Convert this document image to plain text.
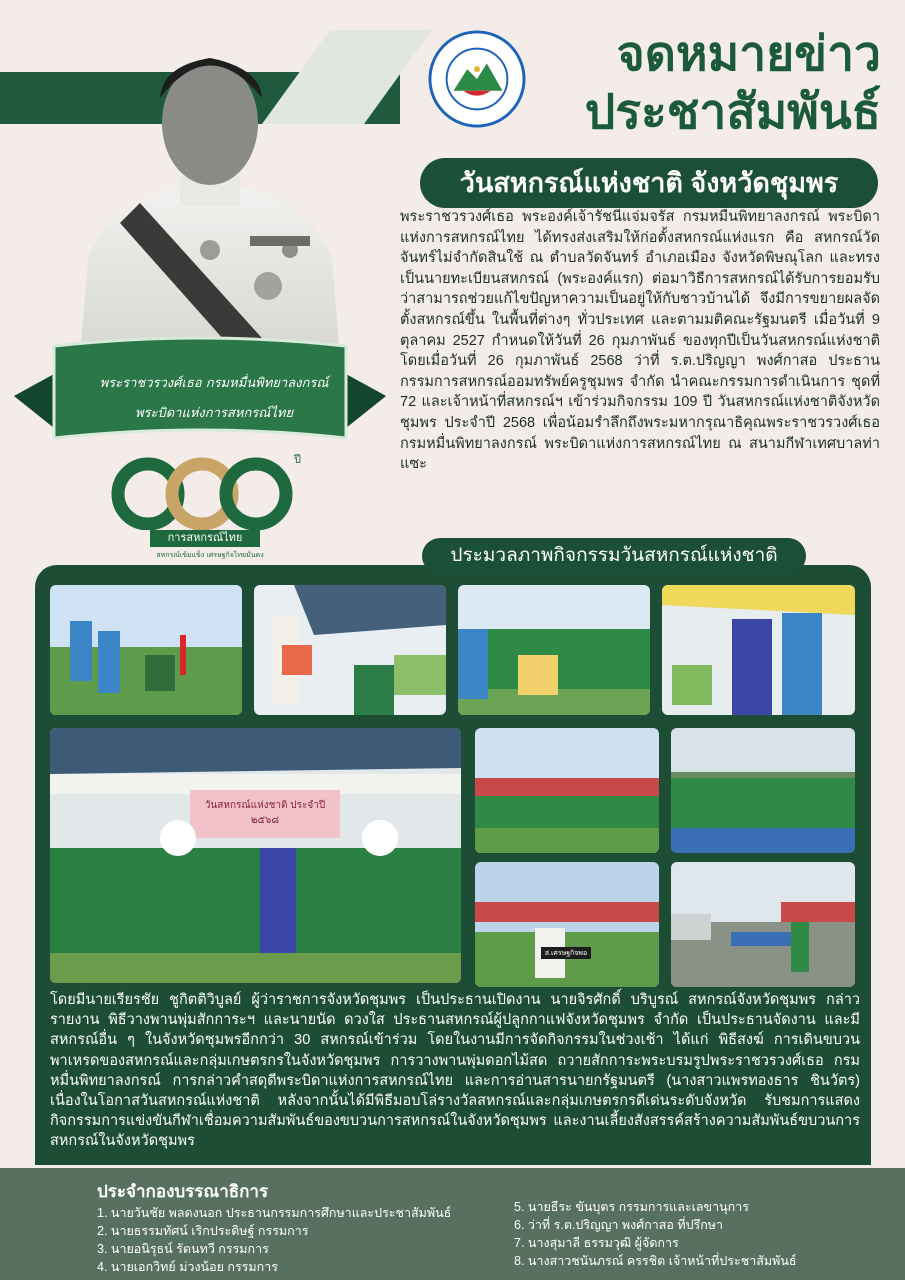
จดหมายข่าว
ประชาสัมพันธ์
วันสหกรณ์แห่งชาติ จังหวัดชุมพร
พระราชวรวงศ์เธอ กรมหมื่นพิทยาลงกรณ์
พระบิดาแห่งการสหกรณ์ไทย
ปี
การสหกรณ์ไทย
สหกรณ์เข้มแข็ง เศรษฐกิจไทยมั่นคง
พระราชวรวงศ์เธอ พระองค์เจ้ารัชนีแจ่มจรัส กรมหมื่นพิทยาลงกรณ์ พระบิดาแห่งการสหกรณ์ไทย ได้ทรงส่งเสริมให้ก่อตั้งสหกรณ์แห่งแรก คือ สหกรณ์วัดจันทร์ไม่จำกัดสินใช้ ณ ตำบลวัดจันทร์ อำเภอเมือง จังหวัดพิษณุโลก และทรงเป็นนายทะเบียนสหกรณ์ (พระองค์แรก) ต่อมาวิธีการสหกรณ์ได้รับการยอมรับว่าสามารถช่วยแก้ไขปัญหาความเป็นอยู่ให้กับชาวบ้านได้ จึงมีการขยายผลจัดตั้งสหกรณ์ขึ้น ในพื้นที่ต่างๆ ทั่วประเทศ และตามมติคณะรัฐมนตรี เมื่อวันที่ 9 ตุลาคม 2527 กำหนดให้วันที่ 26 กุมภาพันธ์ ของทุกปีเป็นวันสหกรณ์แห่งชาติ โดยเมื่อวันที่ 26 กุมภาพันธ์ 2568 ว่าที่ ร.ต.ปริญญา พงศ์กาสอ ประธานกรรมการสหกรณ์ออมทรัพย์ครูชุมพร จำกัด นำคณะกรรมการดำเนินการ ชุดที่ 72 และเจ้าหน้าที่สหกรณ์ฯ เข้าร่วมกิจกรรม 109 ปี วันสหกรณ์แห่งชาติจังหวัดชุมพร ประจำปี 2568 เพื่อน้อมรำลึกถึงพระมหากรุณาธิคุณพระราชวรวงศ์เธอ กรมหมื่นพิทยาลงกรณ์ พระบิดาแห่งการสหกรณ์ไทย ณ สนามกีฬาเทศบาลท่าแซะ
ประมวลภาพกิจกรรมวันสหกรณ์แห่งชาติ
วันสหกรณ์แห่งชาติ ประจำปี ๒๕๖๘
ส.เศรษฐกิจพอ
โดยมีนายเรียรชัย ชูกิตติวิบูลย์ ผู้ว่าราชการจังหวัดชุมพร เป็นประธานเปิดงาน นายจิรศักดิ์ บริบูรณ์ สหกรณ์จังหวัดชุมพร กล่าวรายงาน พิธีวางพานพุ่มสักการะฯ และนายนัด ดวงใส ประธานสหกรณ์ผู้ปลูกกาแฟจังหวัดชุมพร จำกัด เป็นประธานจัดงาน และมีสหกรณ์อื่น ๆ ในจังหวัดชุมพรอีกกว่า 30 สหกรณ์เข้าร่วม โดยในงานมีการจัดกิจกรรมในช่วงเช้า ได้แก่ พิธีสงฆ์ การเดินขบวนพาเหรดของสหกรณ์และกลุ่มเกษตรกรในจังหวัดชุมพร การวางพานพุ่มดอกไม้สด ถวายสักการะพระบรมรูปพระราชวรวงศ์เธอ กรมหมื่นพิทยาลงกรณ์ การกล่าวคำสดุดีพระบิดาแห่งการสหกรณ์ไทย และการอ่านสารนายกรัฐมนตรี (นางสาวแพรทองธาร ชินวัตร) เนื่องในโอกาสวันสหกรณ์แห่งชาติ หลังจากนั้นได้มีพิธีมอบโล่รางวัลสหกรณ์และกลุ่มเกษตรกรดีเด่นระดับจังหวัด รับชมการแสดง กิจกรรมการแข่งขันกีฬาเชื่อมความสัมพันธ์ของขบวนการสหกรณ์ในจังหวัดชุมพร และงานเลี้ยงสังสรรค์สร้างความสัมพันธ์ขบวนการสหกรณ์ในจังหวัดชุมพร
ประจำกองบรรณาธิการ
1. นายวันชัย พลดงนอก ประธานกรรมการศึกษาและประชาสัมพันธ์
2. นายธรรมทัศน์ เริกประดิษฐ์ กรรมการ
3. นายอนิรุธน์ รัตนทวี กรรมการ
4. นายเอกวิทย์ ม่วงน้อย กรรมการ
5. นายธีระ ขันบุตร กรรมการและเลขานุการ
6. ว่าที่ ร.ต.ปริญญา พงศ์กาสอ ที่ปรึกษา
7. นางสุมาลี ธรรมวุฒิ ผู้จัดการ
8. นางสาวชนันภรณ์ ครรชิต เจ้าหน้าที่ประชาสัมพันธ์
